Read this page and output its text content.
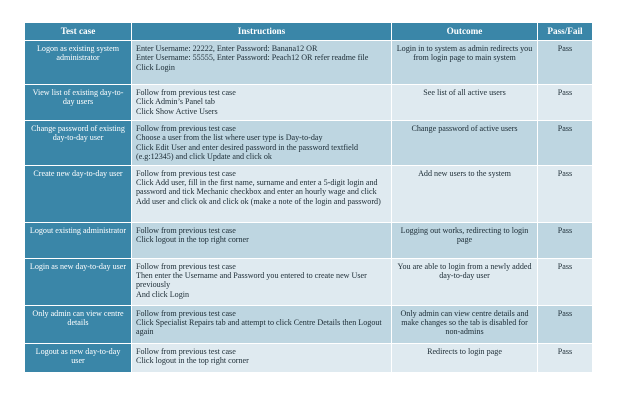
Test case	Instructions	Outcome	Pass/Fail
Logon as existing system administrator	Enter Username: 22222, Enter Password: Banana12 OR
Enter Username: 55555, Enter Password: Peach12 OR refer readme file
Click Login	Login in to system as admin redirects you from login page to main system	Pass
View list of existing day-to-day users	Follow from previous test case
Click Admin’s Panel tab
Click Show Active Users	See list of all active users	Pass
Change password of existing day-to-day user	Follow from previous test case
Choose a user from the list where user type is Day-to-day
Click Edit User and enter desired password in the password textfield (e.g:12345) and click Update and click ok	Change password of active users	Pass
Create new day-to-day user	Follow from previous test case
Click Add user, fill in the first name, surname and enter a 5-digit login and password and tick Mechanic checkbox and enter an hourly wage and click Add user and click ok and click ok (make a note of the login and password)	Add new users to the system	Pass
Logout existing administrator	Follow from previous test case
Click logout in the top right corner	Logging out works, redirecting to login page	Pass
Login as new day-to-day user	Follow from previous test case
Then enter the Username and Password you entered to create new User previously
And click Login	You are able to login from a newly added day-to-day user	Pass
Only admin can view centre details	Follow from previous test case
Click Specialist Repairs tab and attempt to click Centre Details then Logout again	Only admin can view centre details and make changes so the tab is disabled for non-admins	Pass
Logout as new day-to-day user	Follow from previous test case
Click logout in the top right corner	Redirects to login page	Pass
